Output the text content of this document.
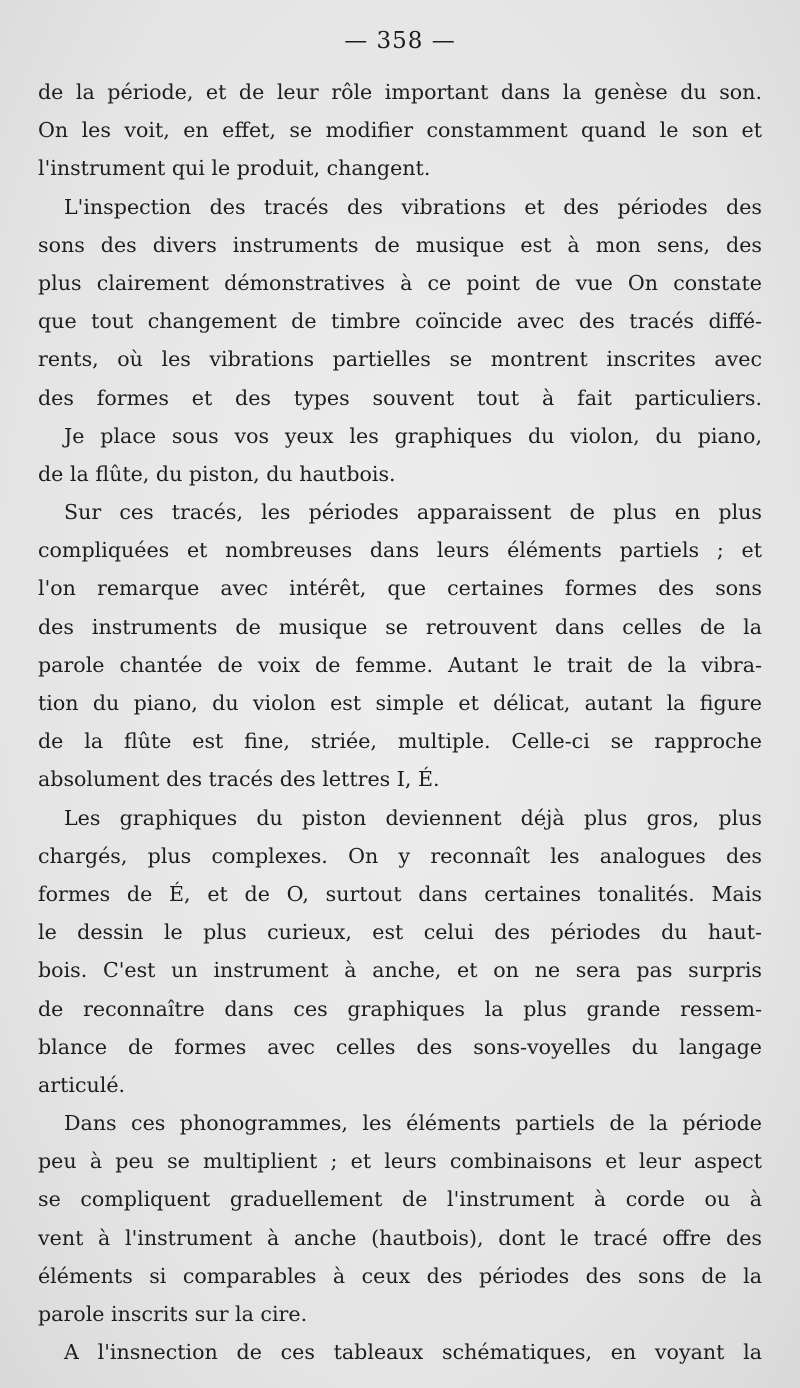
— 358 —
de la période, et de leur rôle important dans la genèse du son.
On les voit, en effet, se modifier constamment quand le son et
l'instrument qui le produit, changent.
L'inspection des tracés des vibrations et des périodes des
sons des divers instruments de musique est à mon sens, des
plus clairement démonstratives à ce point de vue On constate
que tout changement de timbre coïncide avec des tracés diffé-
rents, où les vibrations partielles se montrent inscrites avec
des formes et des types souvent tout à fait particuliers.
Je place sous vos yeux les graphiques du violon, du piano,
de la flûte, du piston, du hautbois.
Sur ces tracés, les périodes apparaissent de plus en plus
compliquées et nombreuses dans leurs éléments partiels ; et
l'on remarque avec intérêt, que certaines formes des sons
des instruments de musique se retrouvent dans celles de la
parole chantée de voix de femme. Autant le trait de la vibra-
tion du piano, du violon est simple et délicat, autant la figure
de la flûte est fine, striée, multiple. Celle-ci se rapproche
absolument des tracés des lettres I, É.
Les graphiques du piston deviennent déjà plus gros, plus
chargés, plus complexes. On y reconnaît les analogues des
formes de É, et de O, surtout dans certaines tonalités. Mais
le dessin le plus curieux, est celui des périodes du haut-
bois. C'est un instrument à anche, et on ne sera pas surpris
de reconnaître dans ces graphiques la plus grande ressem-
blance de formes avec celles des sons-voyelles du langage
articulé.
Dans ces phonogrammes, les éléments partiels de la période
peu à peu se multiplient ; et leurs combinaisons et leur aspect
se compliquent graduellement de l'instrument à corde ou à
vent à l'instrument à anche (hautbois), dont le tracé offre des
éléments si comparables à ceux des périodes des sons de la
parole inscrits sur la cire.
A l'insnection de ces tableaux schématiques, en voyant la
